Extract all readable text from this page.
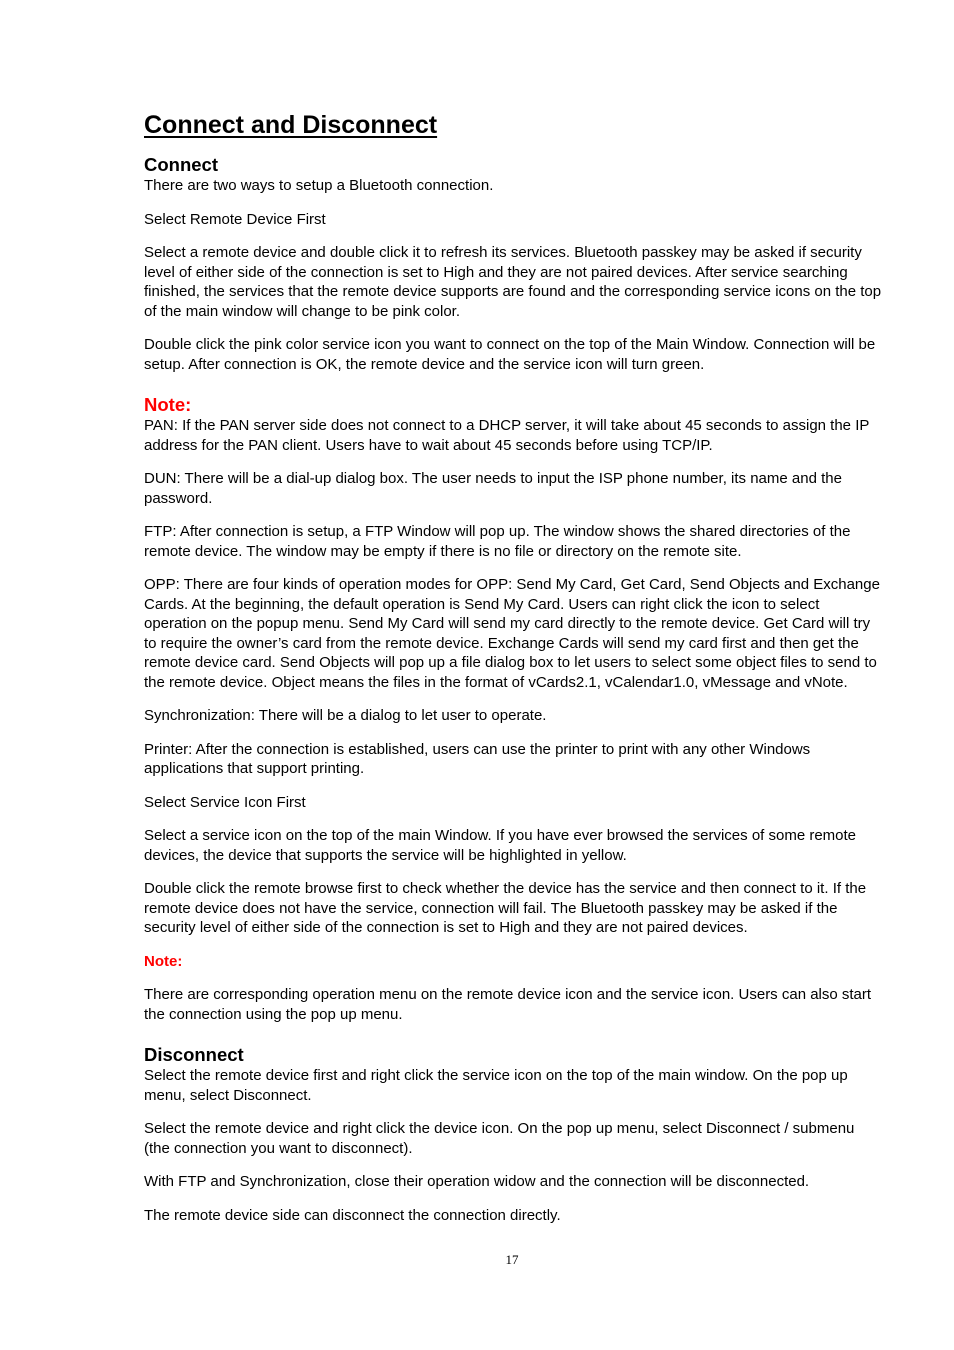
Connect and Disconnect
Connect

There are two ways to setup a Bluetooth connection.

Select Remote Device First

Select a remote device and double click it to refresh its services. Bluetooth passkey may be asked if security level of either side of the connection is set to High and they are not paired devices. After service searching finished, the services that the remote device supports are found and the corresponding service icons on the top of the main window will change to be pink color.

Double click the pink color service icon you want to connect on the top of the Main Window. Connection will be setup. After connection is OK, the remote device and the service icon will turn green.

Note:

PAN: If the PAN server side does not connect to a DHCP server, it will take about 45 seconds to assign the IP address for the PAN client. Users have to wait about 45 seconds before using TCP/IP.

DUN: There will be a dial-up dialog box. The user needs to input the ISP phone number, its name and the password.

FTP: After connection is setup, a FTP Window will pop up. The window shows the shared directories of the remote device. The window may be empty if there is no file or directory on the remote site.

OPP: There are four kinds of operation modes for OPP: Send My Card, Get Card, Send Objects and Exchange Cards. At the beginning, the default operation is Send My Card. Users can right click the icon to select operation on the popup menu. Send My Card will send my card directly to the remote device. Get Card will try to require the owner’s card from the remote device. Exchange Cards will send my card first and then get the remote device card. Send Objects will pop up a file dialog box to let users to select some object files to send to the remote device. Object means the files in the format of vCards2.1, vCalendar1.0, vMessage and vNote.

Synchronization: There will be a dialog to let user to operate.

Printer: After the connection is established, users can use the printer to print with any other Windows applications that support printing.

Select Service Icon First

Select a service icon on the top of the main Window. If you have ever browsed the services of some remote devices, the device that supports the service will be highlighted in yellow.

Double click the remote browse first to check whether the device has the service and then connect to it. If the remote device does not have the service, connection will fail. The Bluetooth passkey may be asked if the security level of either side of the connection is set to High and they are not paired devices.

Note:

There are corresponding operation menu on the remote device icon and the service icon. Users can also start the connection using the pop up menu.

Disconnect

Select the remote device first and right click the service icon on the top of the main window. On the pop up menu, select Disconnect.

Select the remote device and right click the device icon. On the pop up menu, select Disconnect / submenu (the connection you want to disconnect).

With FTP and Synchronization, close their operation widow and the connection will be disconnected.

The remote device side can disconnect the connection directly.

17
